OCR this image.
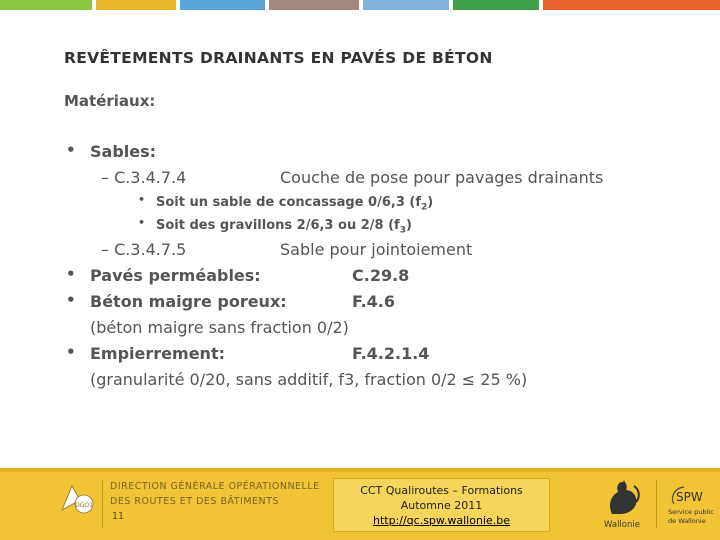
REVÊTEMENTS DRAINANTS EN PAVÉS DE BÉTON
Matériaux:
• Sables:
– C.3.4.7.4	Couche de pose pour pavages drainants
• Soit un sable de concassage 0/6,3 $(f_2)$
• Soit des gravillons 2/6,3 ou 2/8 $(f_3)$
– C.3.4.7.5	Sable pour jointoiement
• Pavés perméables:	C.29.8
• Béton maigre poreux:	F.4.6
(béton maigre sans fraction 0/2)
• Empierrement:	F.4.2.1.4
(granularité 0/20, sans additif, f3, fraction 0/2 ≤ 25 %)
DGO1
DIRECTION GÉNÉRALE OPÉRATIONNELLE
DES ROUTES ET DES BÂTIMENTS
11
CCT Qualiroutes – Formations
Automne 2011
http://qc.spw.wallonie.be	Wallonie
SPW
Service public
de Wallonie
